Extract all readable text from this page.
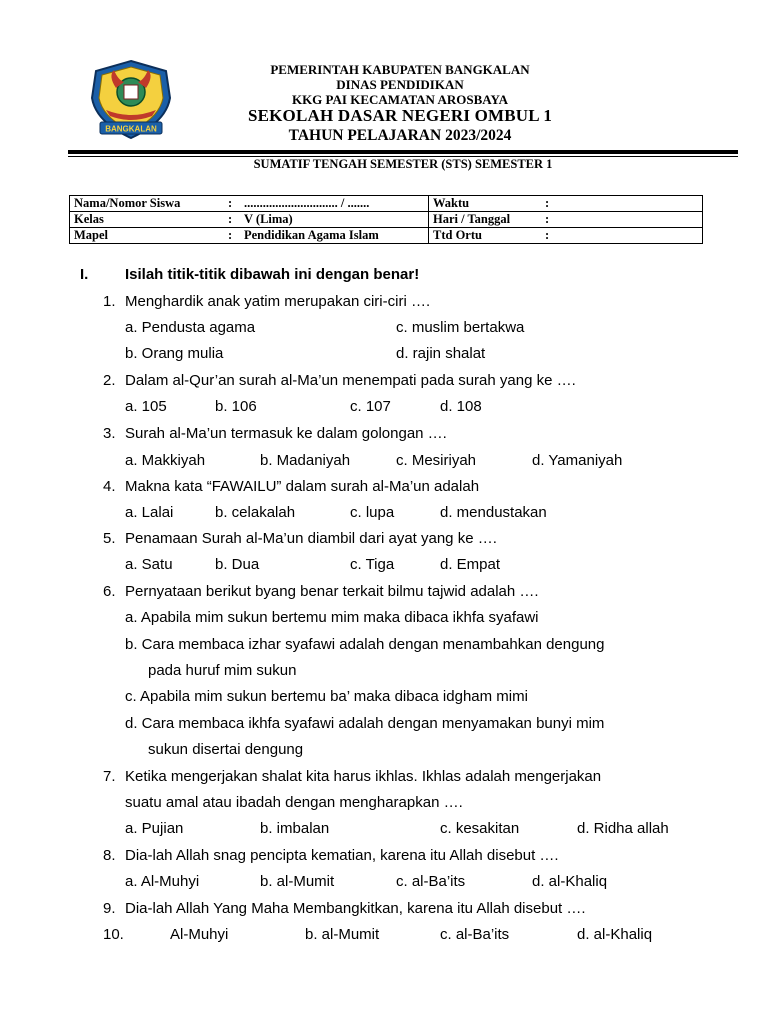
BANGKALAN
PEMERINTAH KABUPATEN BANGKALAN
DINAS PENDIDIKAN
KKG PAI KECAMATAN AROSBAYA
SEKOLAH DASAR NEGERI OMBUL 1
TAHUN PELAJARAN 2023/2024
SUMATIF TENGAH SEMESTER (STS) SEMESTER 1
Nama/Nomor Siswa	: .............................. / .......	Waktu	:
Kelas	: V (Lima)	Hari / Tanggal	:
Mapel	: Pendidikan Agama Islam	Ttd Ortu	:
I. Isilah titik-titik dibawah ini dengan benar!
1. Menghardik anak yatim merupakan ciri-ciri ….
a. Pendusta agama	c. muslim bertakwa
b. Orang mulia	d. rajin shalat
2. Dalam al-Qur’an surah al-Ma’un menempati pada surah yang ke ….
a. 105	b. 106	c. 107	d. 108
3. Surah al-Ma’un termasuk ke dalam golongan ….
a. Makkiyah	b. Madaniyah	c. Mesiriyah	d. Yamaniyah
4. Makna kata “FAWAILU” dalam surah al-Ma’un adalah
a. Lalai	b. celakalah	c. lupa	d. mendustakan
5. Penamaan Surah al-Ma’un diambil dari ayat yang ke ….
a. Satu	b. Dua	c. Tiga	d. Empat
6. Pernyataan berikut byang benar terkait bilmu tajwid adalah ….
a. Apabila mim sukun bertemu mim maka dibaca ikhfa syafawi
b. Cara membaca izhar syafawi adalah dengan menambahkan dengung
pada huruf mim sukun
c. Apabila mim sukun bertemu ba’ maka dibaca idgham mimi
d. Cara membaca ikhfa syafawi adalah dengan menyamakan bunyi mim
sukun disertai dengung
7. Ketika mengerjakan shalat kita harus ikhlas. Ikhlas adalah mengerjakan
suatu amal atau ibadah dengan mengharapkan ….
a. Pujian	b. imbalan	c. kesakitan	d. Ridha allah
8. Dia-lah Allah snag pencipta kematian, karena itu Allah disebut ….
a. Al-Muhyi	b. al-Mumit	c. al-Ba’its	d. al-Khaliq
9. Dia-lah Allah Yang Maha Membangkitkan, karena itu Allah disebut ….
10.	Al-Muhyi	b. al-Mumit	c. al-Ba’its	d. al-Khaliq
